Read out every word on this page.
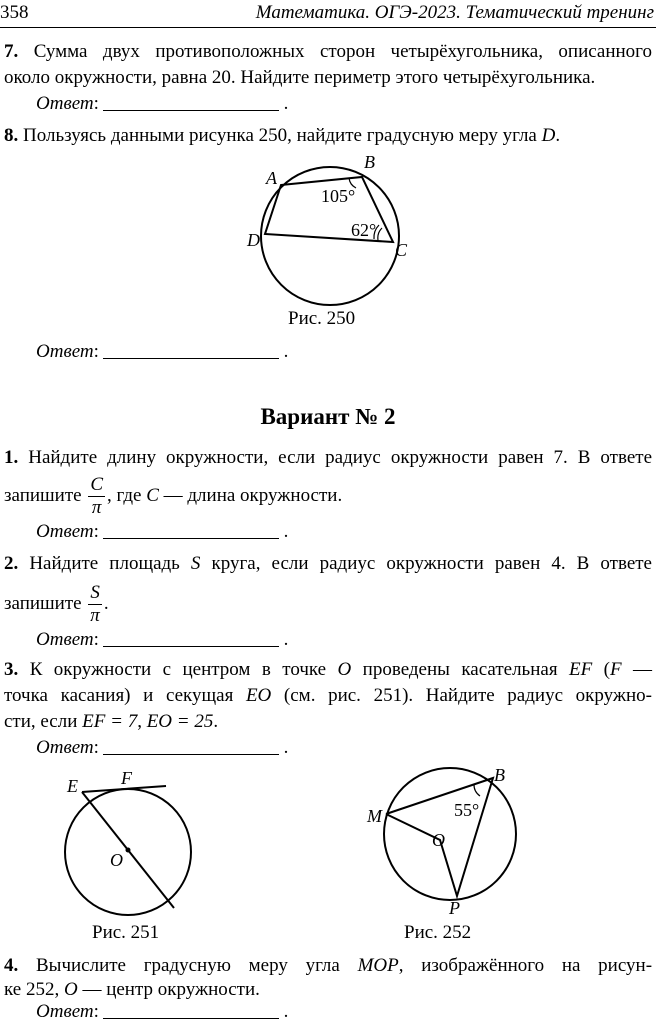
358	Математика. ОГЭ-2023. Тематический тренинг
7. Сумма двух противоположных сторон четырёхугольника, описанного
около окружности, равна 20. Найдите периметр этого четырёхугольника.
Ответ:	.
8. Пользуясь данными рисунка 250, найдите градусную меру угла D.
A
B
C
D
105°
62°
Рис. 250
Ответ:	.
Вариант № 2
1. Найдите длину окружности, если радиус окружности равен 7. В ответе
запишите $\frac{C}{\pi}$ , где C — длина окружности.
Ответ:	.
2. Найдите площадь S круга, если радиус окружности равен 4. В ответе
запишите $\frac{S}{\pi}$ .
Ответ:	.
3. К окружности с центром в точке O проведены касательная EF (F —
точка касания) и секущая EO (см. рис. 251). Найдите радиус окружно-
сти, если EF = 7, EO = 25.
Ответ:	.
E F
O
Рис. 251
B
M
O
P
55°
Рис. 252
4. Вычислите градусную меру угла MOP, изображённого на рисун-
ке 252, O — центр окружности.
Ответ:	.
